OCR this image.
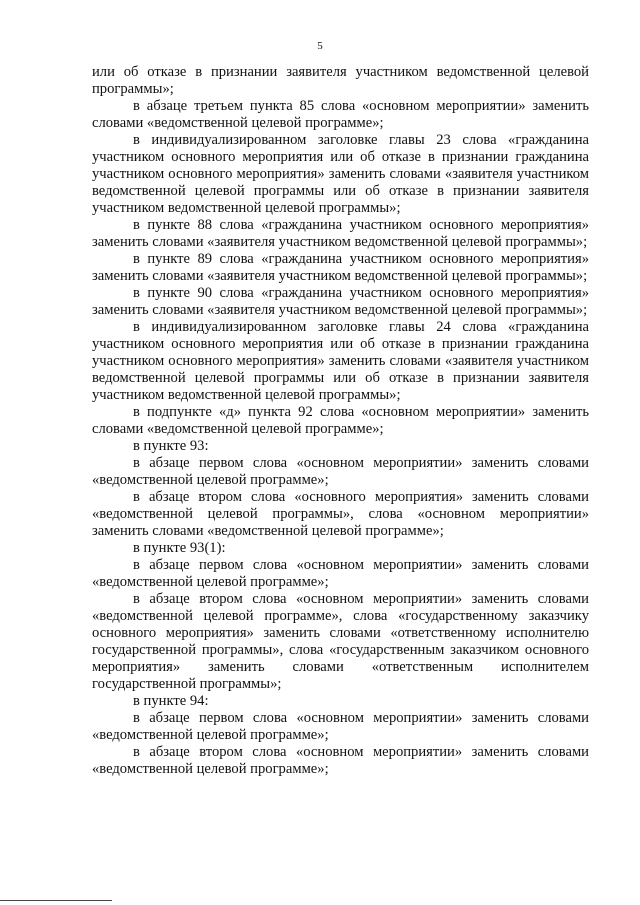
5

или об отказе в признании заявителя участником ведомственной целевой программы»;

в абзаце третьем пункта 85 слова «основном мероприятии» заменить словами «ведомственной целевой программе»;

в индивидуализированном заголовке главы 23 слова «гражданина участником основного мероприятия или об отказе в признании гражданина участником основного мероприятия» заменить словами «заявителя участником ведомственной целевой программы или об отказе в признании заявителя участником ведомственной целевой программы»;

в пункте 88 слова «гражданина участником основного мероприятия» заменить словами «заявителя участником ведомственной целевой программы»;

в пункте 89 слова «гражданина участником основного мероприятия» заменить словами «заявителя участником ведомственной целевой программы»;

в пункте 90 слова «гражданина участником основного мероприятия» заменить словами «заявителя участником ведомственной целевой программы»;

в индивидуализированном заголовке главы 24 слова «гражданина участником основного мероприятия или об отказе в признании гражданина участником основного мероприятия» заменить словами «заявителя участником ведомственной целевой программы или об отказе в признании заявителя участником ведомственной целевой программы»;

в подпункте «д» пункта 92 слова «основном мероприятии» заменить словами «ведомственной целевой программе»;

в пункте 93:

в абзаце первом слова «основном мероприятии» заменить словами «ведомственной целевой программе»;

в абзаце втором слова «основного мероприятия» заменить словами «ведомственной целевой программы», слова «основном мероприятии» заменить словами «ведомственной целевой программе»;

в пункте 93(1):

в абзаце первом слова «основном мероприятии» заменить словами «ведомственной целевой программе»;

в абзаце втором слова «основном мероприятии» заменить словами «ведомственной целевой программе», слова «государственному заказчику основного мероприятия» заменить словами «ответственному исполнителю государственной программы», слова «государственным заказчиком основного мероприятия» заменить словами «ответственным исполнителем государственной программы»;

в пункте 94:

в абзаце первом слова «основном мероприятии» заменить словами «ведомственной целевой программе»;

в абзаце втором слова «основном мероприятии» заменить словами «ведомственной целевой программе»;
